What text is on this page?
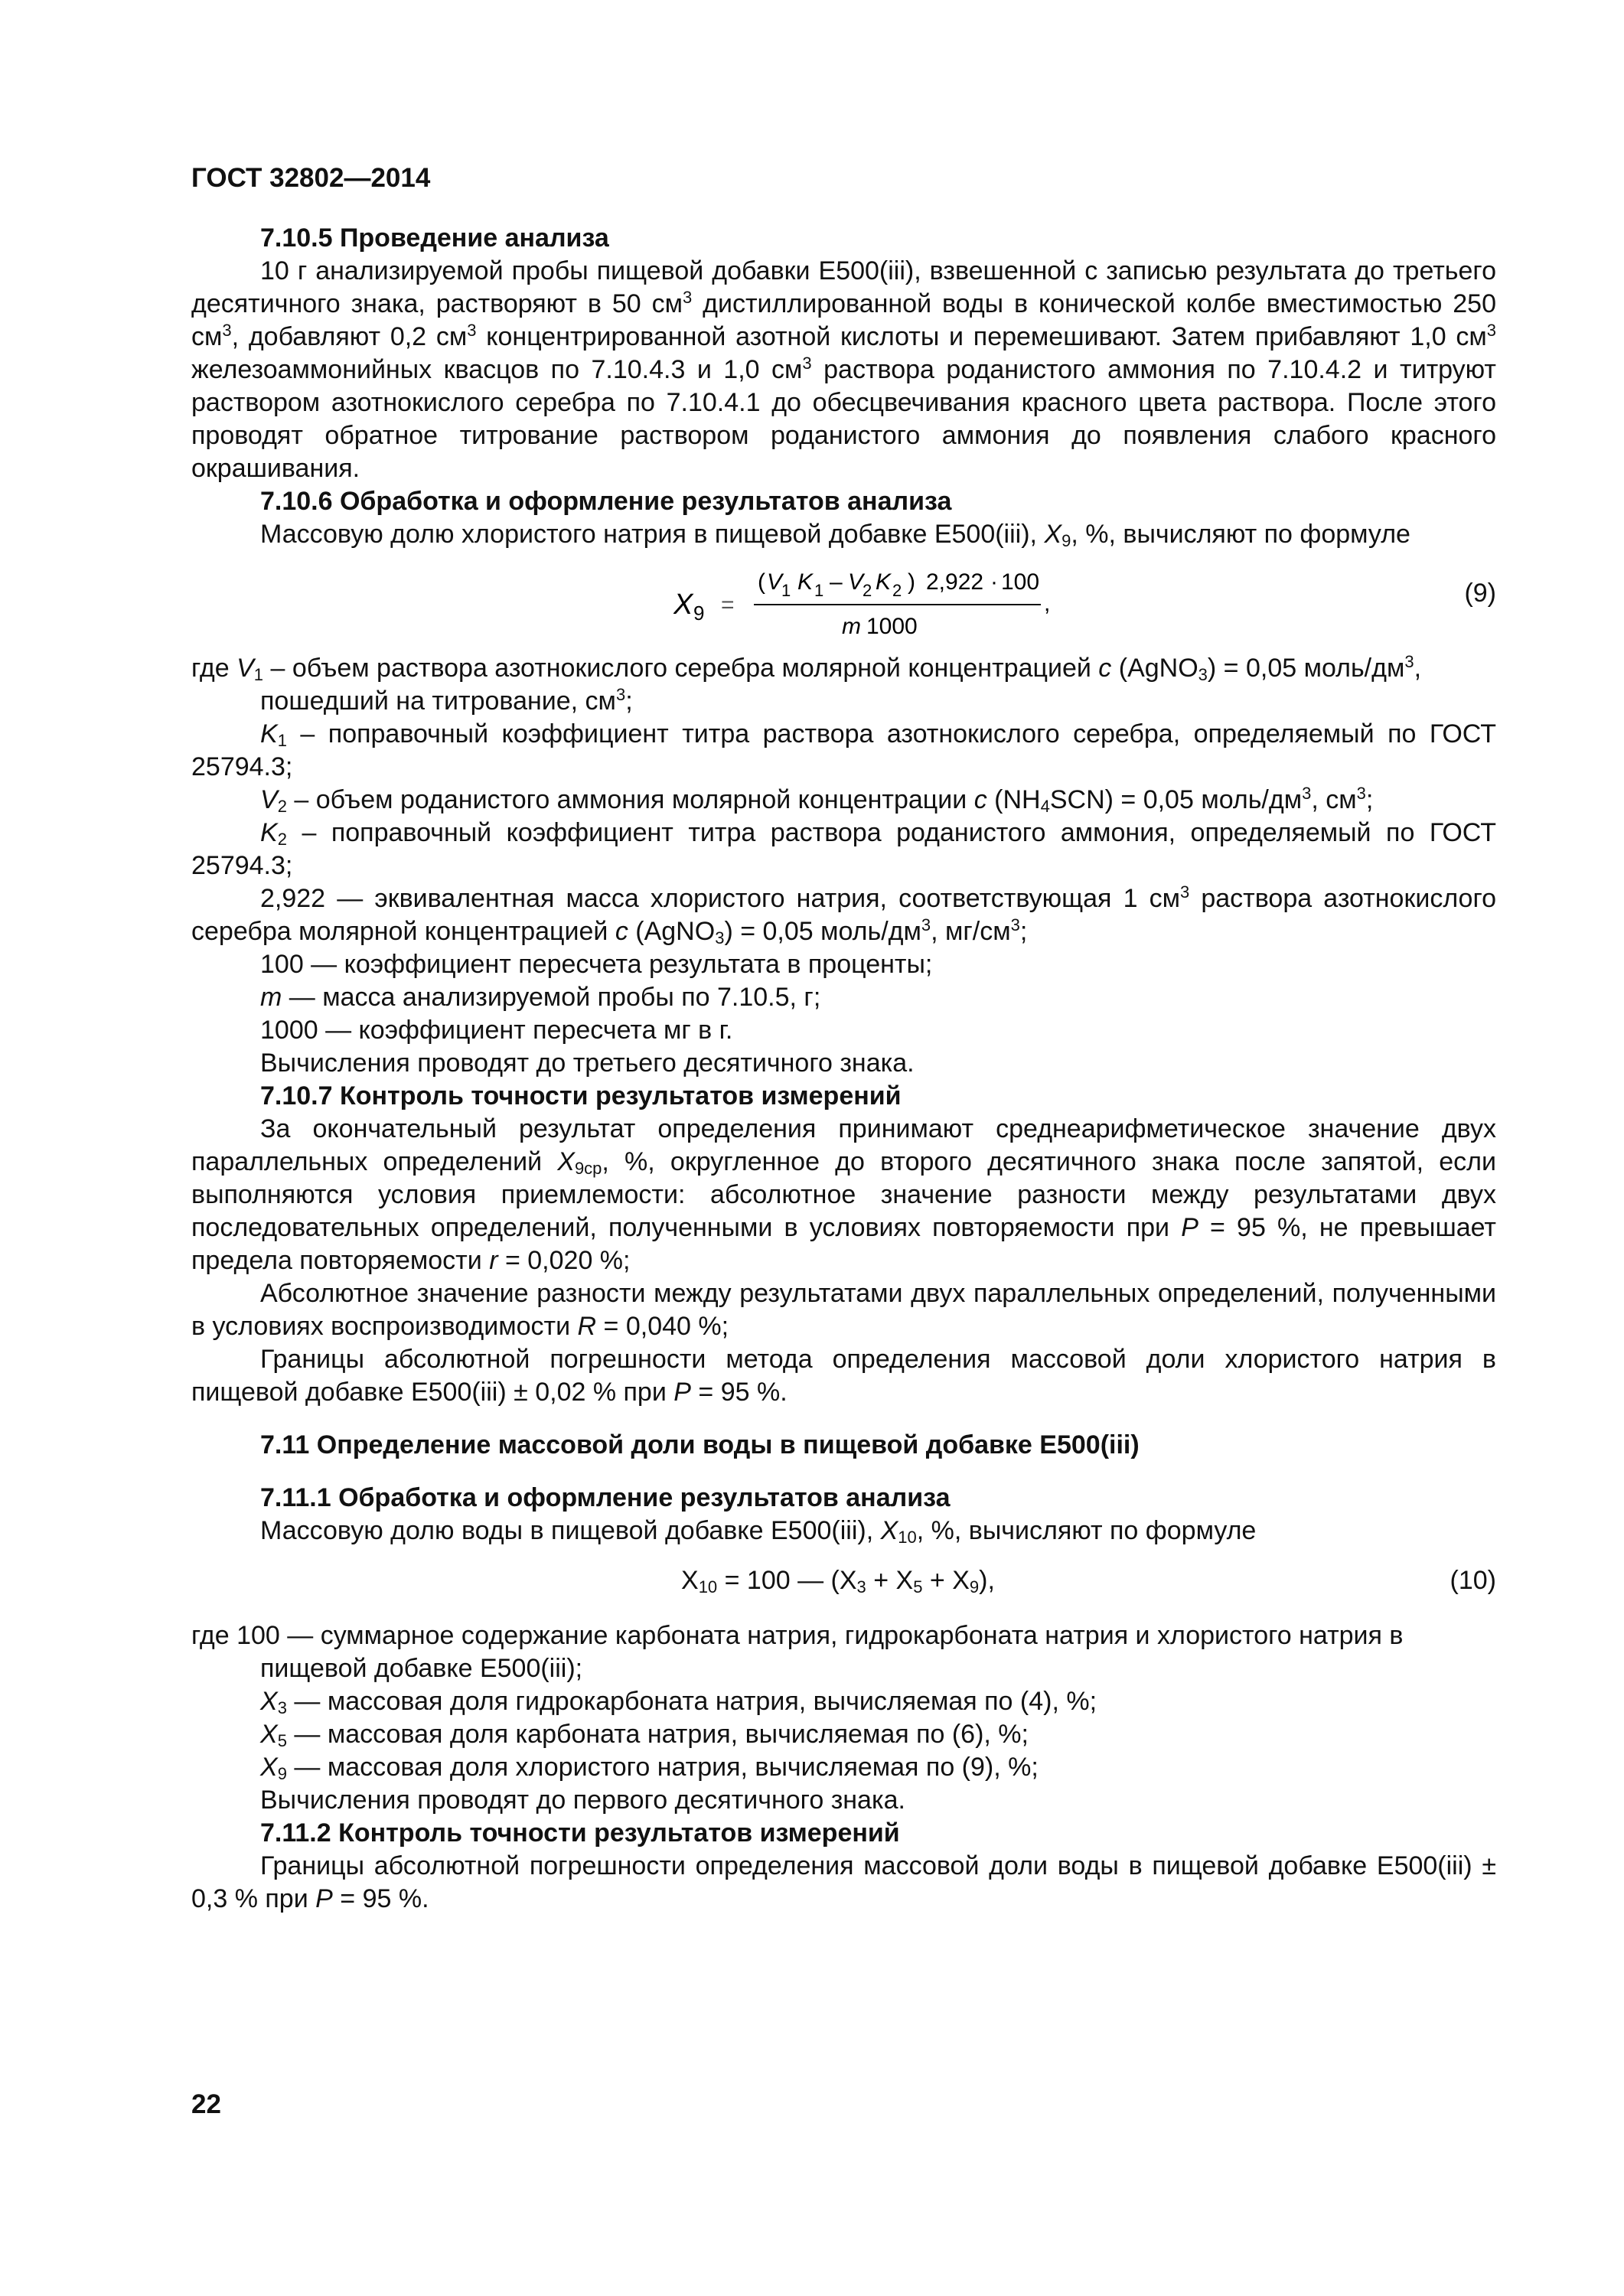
ГОСТ 32802—2014

7.10.5 Проведение анализа

10 г анализируемой пробы пищевой добавки Е500(iii), взвешенной с записью результата до третьего десятичного знака, растворяют в 50 $см^3$ дистиллированной воды в конической колбе вместимостью 250 $см^3$, добавляют 0,2 $см^3$ концентрированной азотной кислоты и перемешивают. Затем прибавляют 1,0 $см^3$ железоаммонийных квасцов по 7.10.4.3 и 1,0 $см^3$ раствора роданистого аммония по 7.10.4.2 и титруют раствором азотнокислого серебра по 7.10.4.1 до обесцвечивания красного цвета раствора. После этого проводят обратное титрование раствором роданистого аммония до появления слабого красного окрашивания.

7.10.6 Обработка и оформление результатов анализа

Массовую долю хлористого натрия в пищевой добавке Е500(iii), $X_9$, %, вычисляют по формуле

X 9 =
( V
1 K 1 – V
2 K 2 ) 2,922 · 100
m 1000
,	(9)

где $V_1$ – объем раствора азотнокислого серебра молярной концентрацией c (AgNO$_3$) = 0,05 моль/$дм^3$,

пошедший на титрование, $см^3$;

$K_1$ – поправочный коэффициент титра раствора азотнокислого серебра, определяемый по ГОСТ 25794.3;

$V_2$ – объем роданистого аммония молярной концентрации c $(NH_4SCN) = 0,05$ моль/$дм^3$, $см^3$;

$K_2$ – поправочный коэффициент титра раствора роданистого аммония, определяемый по ГОСТ 25794.3;

2,922 — эквивалентная масса хлористого натрия, соответствующая 1 $см^3$ раствора азотнокислого серебра молярной концентрацией c (AgNO$_3$) = 0,05 моль/$дм^3$, $мг/см^3$;

100 — коэффициент пересчета результата в проценты;

m — масса анализируемой пробы по 7.10.5, г;

1000 — коэффициент пересчета мг в г.

Вычисления проводят до третьего десятичного знака.

7.10.7 Контроль точности результатов измерений

За окончательный результат определения принимают среднеарифметическое значение двух параллельных определений $X_{9ср}$, %, округленное до второго десятичного знака после запятой, если выполняются условия приемлемости: абсолютное значение разности между результатами двух последовательных определений, полученными в условиях повторяемости при P = 95 %, не превышает предела повторяемости r = 0,020 %;

Абсолютное значение разности между результатами двух параллельных определений, полученными в условиях воспроизводимости R = 0,040 %;

Границы абсолютной погрешности метода определения массовой доли хлористого натрия в пищевой добавке Е500(iii) ± 0,02 % при P = 95 %.

7.11 Определение массовой доли воды в пищевой добавке Е500(iii)

7.11.1 Обработка и оформление результатов анализа

Массовую долю воды в пищевой добавке Е500(iii), $X_{10}$, %, вычисляют по формуле

$X_{10} = 100$ — $(X_3 + X_5 + X_9)$,	(10)

где 100 — суммарное содержание карбоната натрия, гидрокарбоната натрия и хлористого натрия в

пищевой добавке Е500(iii);

$X_3$ — массовая доля гидрокарбоната натрия, вычисляемая по (4), %;

$X_5$ — массовая доля карбоната натрия, вычисляемая по (6), %;

$X_9$ — массовая доля хлористого натрия, вычисляемая по (9), %;

Вычисления проводят до первого десятичного знака.

7.11.2 Контроль точности результатов измерений

Границы абсолютной погрешности определения массовой доли воды в пищевой добавке Е500(iii) ± 0,3 % при P = 95 %.

22
